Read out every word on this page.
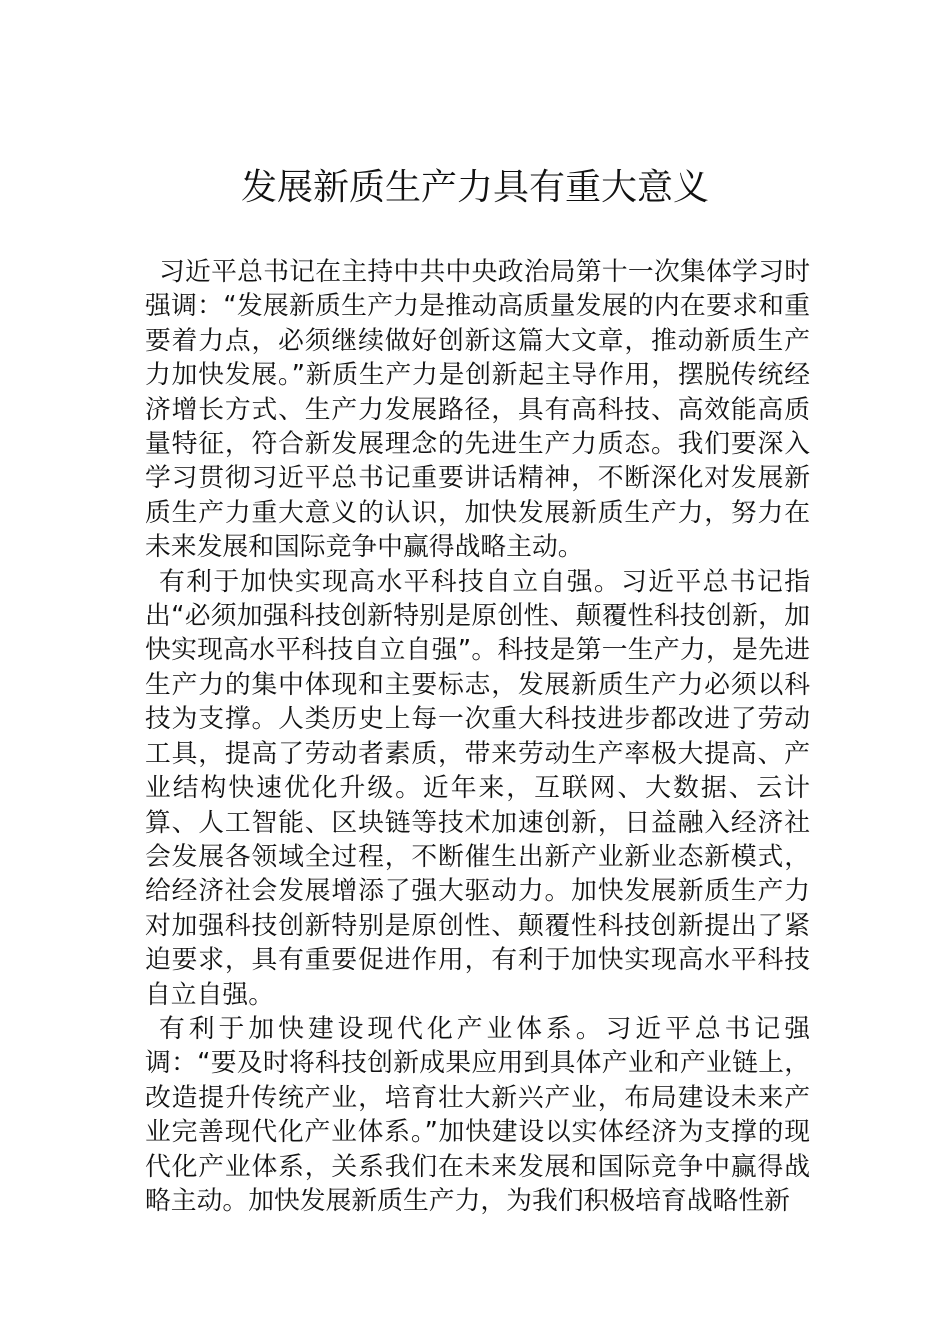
发展新质生产力具有重大意义

习近平总书记在主持中共中央政治局第十一次集体学习时强调：“发展新质生产力是推动高质量发展的内在要求和重要着力点，必须继续做好创新这篇大文章，推动新质生产力加快发展。”新质生产力是创新起主导作用，摆脱传统经济增长方式、生产力发展路径，具有高科技、高效能高质量特征，符合新发展理念的先进生产力质态。我们要深入学习贯彻习近平总书记重要讲话精神，不断深化对发展新质生产力重大意义的认识，加快发展新质生产力，努力在未来发展和国际竞争中赢得战略主动。

有利于加快实现高水平科技自立自强。习近平总书记指出“必须加强科技创新特别是原创性、颠覆性科技创新，加快实现高水平科技自立自强”。科技是第一生产力，是先进生产力的集中体现和主要标志，发展新质生产力必须以科技为支撑。人类历史上每一次重大科技进步都改进了劳动工具，提高了劳动者素质，带来劳动生产率极大提高、产业结构快速优化升级。近年来，互联网、大数据、云计算、人工智能、区块链等技术加速创新，日益融入经济社会发展各领域全过程，不断催生出新产业新业态新模式，给经济社会发展增添了强大驱动力。加快发展新质生产力对加强科技创新特别是原创性、颠覆性科技创新提出了紧迫要求，具有重要促进作用，有利于加快实现高水平科技自立自强。

有利于加快建设现代化产业体系。习近平总书记强调：“要及时将科技创新成果应用到具体产业和产业链上，改造提升传统产业，培育壮大新兴产业，布局建设未来产业完善现代化产业体系。”加快建设以实体经济为支撑的现代化产业体系，关系我们在未来发展和国际竞争中赢得战略主动。加快发展新质生产力，为我们积极培育战略性新
